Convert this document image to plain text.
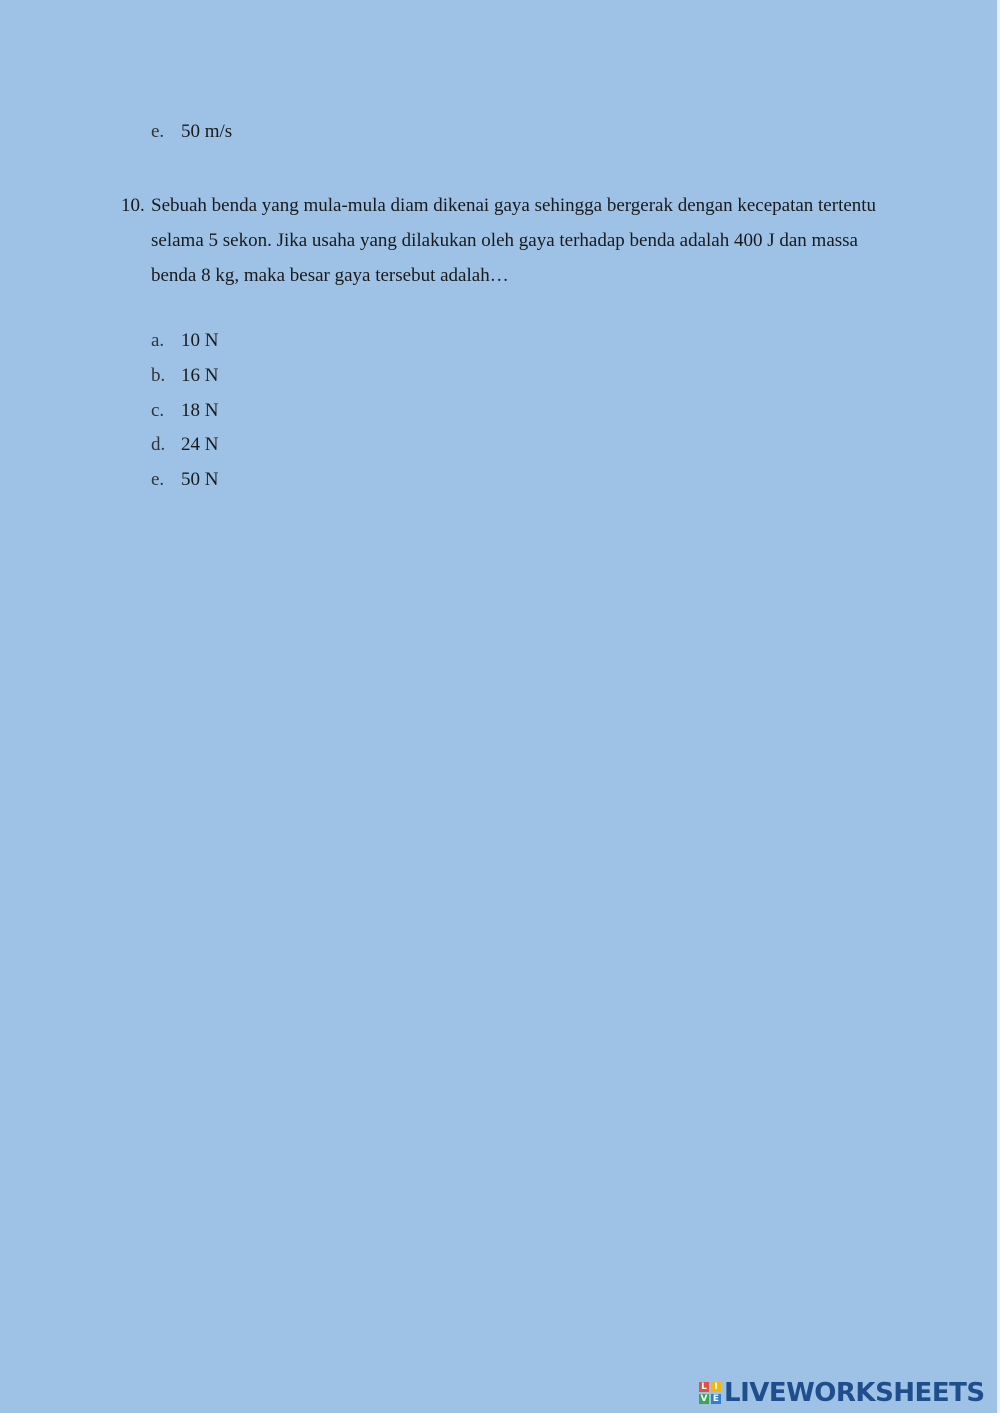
e. 50 m/s
10. Sebuah benda yang mula-mula diam dikenai gaya sehingga bergerak dengan kecepatan tertentu selama 5 sekon. Jika usaha yang dilakukan oleh gaya terhadap benda adalah 400 J dan massa benda 8 kg, maka besar gaya tersebut adalah…
a. 10 N
b. 16 N
c. 18 N
d. 24 N
e. 50 N
L I
V E LIVEWORKSHEETS
